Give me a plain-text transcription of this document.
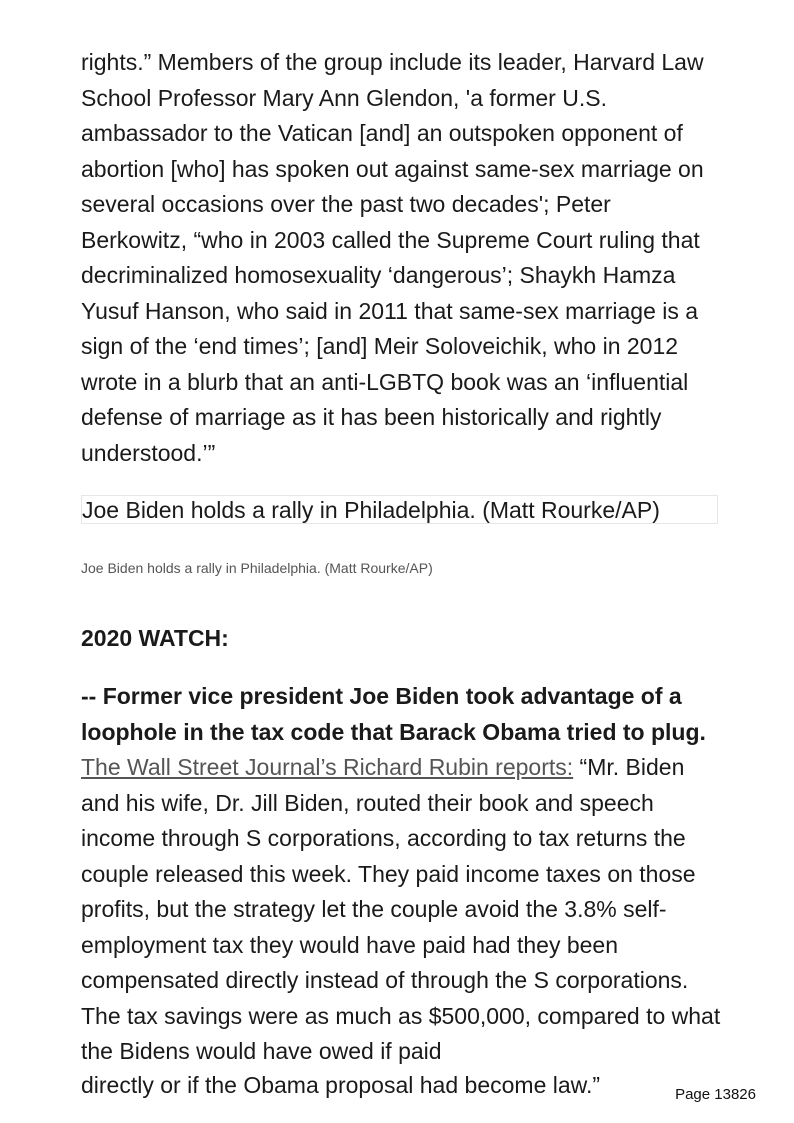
rights.” Members of the group include its leader, Harvard Law School Professor Mary Ann Glendon, 'a former U.S. ambassador to the Vatican [and] an outspoken opponent of abortion [who] has spoken out against same-sex marriage on several occasions over the past two decades'; Peter Berkowitz, “who in 2003 called the Supreme Court ruling that decriminalized homosexuality ‘dangerous’; Shaykh Hamza Yusuf Hanson, who said in 2011 that same-sex marriage is a sign of the ‘end times’; [and] Meir Soloveichik, who in 2012 wrote in a blurb that an anti-LGBTQ book was an ‘influential defense of marriage as it has been historically and rightly understood.’”

Joe Biden holds a rally in Philadelphia. (Matt Rourke/AP)
Joe Biden holds a rally in Philadelphia. (Matt Rourke/AP)
2020 WATCH:
-- Former vice president Joe Biden took advantage of a loophole in the tax code that Barack Obama tried to plug. The Wall Street Journal’s Richard Rubin reports: “Mr. Biden and his wife, Dr. Jill Biden, routed their book and speech income through S corporations, according to tax returns the couple released this week. They paid income taxes on those profits, but the strategy let the couple avoid the 3.8% self-employment tax they would have paid had they been compensated directly instead of through the S corporations. The tax savings were as much as $500,000, compared to what the Bidens would have owed if paid
directly or if the Obama proposal had become law.”	Page 13826
